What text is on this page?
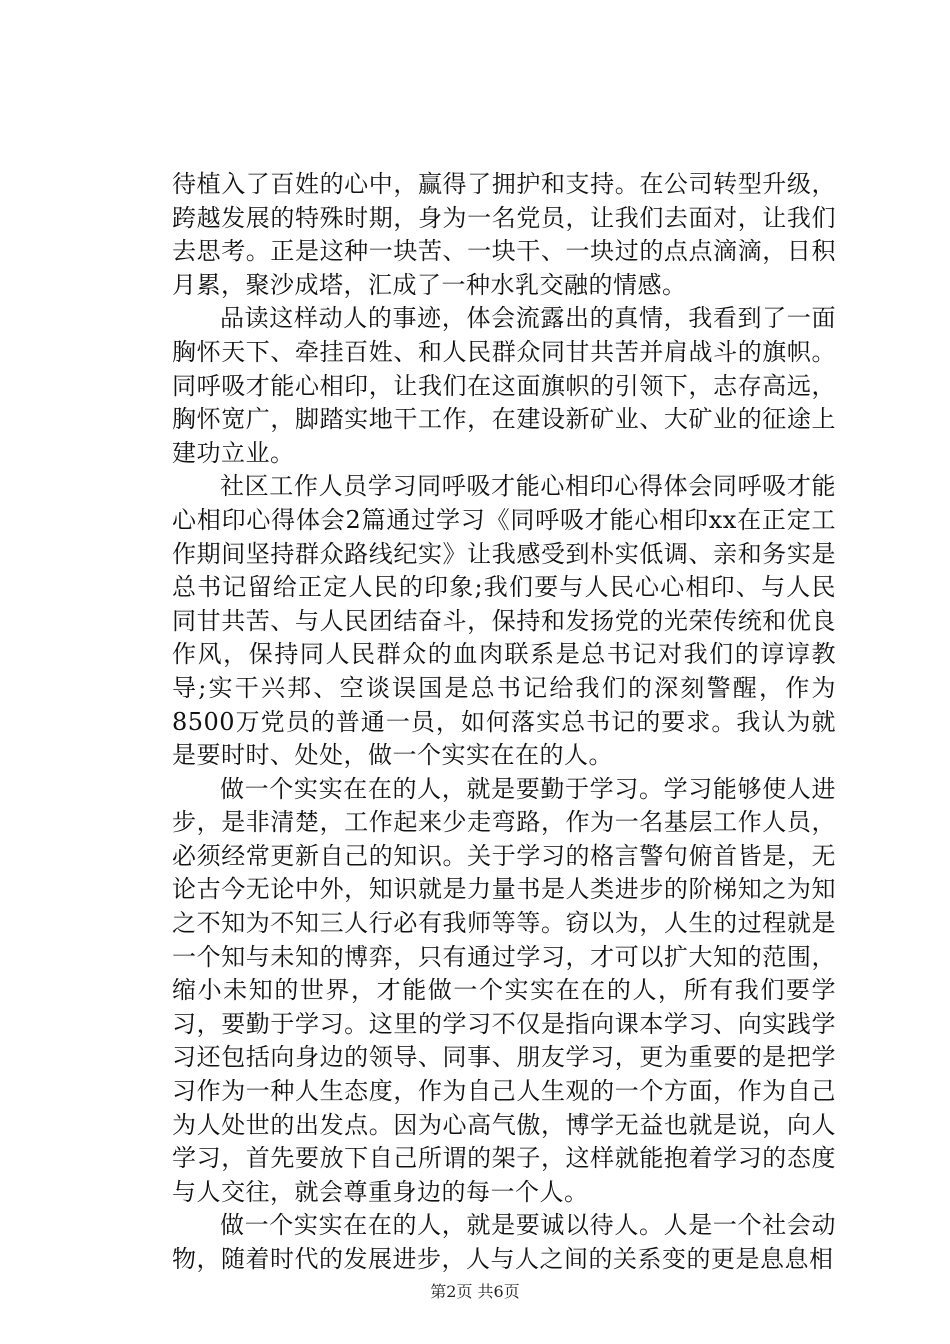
待植入了百姓的心中，赢得了拥护和支持。在公司转型升级，跨越发展的特殊时期，身为一名党员，让我们去面对，让我们去思考。正是这种一块苦、一块干、一块过的点点滴滴，日积月累，聚沙成塔，汇成了一种水乳交融的情感。

品读这样动人的事迹，体会流露出的真情，我看到了一面胸怀天下、牵挂百姓、和人民群众同甘共苦并肩战斗的旗帜。同呼吸才能心相印，让我们在这面旗帜的引领下，志存高远，胸怀宽广，脚踏实地干工作，在建设新矿业、大矿业的征途上建功立业。

社区工作人员学习同呼吸才能心相印心得体会同呼吸才能心相印心得体会2篇通过学习《同呼吸才能心相印xx在正定工作期间坚持群众路线纪实》让我感受到朴实低调、亲和务实是总书记留给正定人民的印象;我们要与人民心心相印、与人民同甘共苦、与人民团结奋斗，保持和发扬党的光荣传统和优良作风，保持同人民群众的血肉联系是总书记对我们的谆谆教导;实干兴邦、空谈误国是总书记给我们的深刻警醒，作为8500万党员的普通一员，如何落实总书记的要求。我认为就是要时时、处处，做一个实实在在的人。

做一个实实在在的人，就是要勤于学习。学习能够使人进步，是非清楚，工作起来少走弯路，作为一名基层工作人员，必须经常更新自己的知识。关于学习的格言警句俯首皆是，无论古今无论中外，知识就是力量书是人类进步的阶梯知之为知之不知为不知三人行必有我师等等。窃以为，人生的过程就是一个知与未知的博弈，只有通过学习，才可以扩大知的范围，缩小未知的世界，才能做一个实实在在的人，所有我们要学习，要勤于学习。这里的学习不仅是指向课本学习、向实践学习还包括向身边的领导、同事、朋友学习，更为重要的是把学习作为一种人生态度，作为自己人生观的一个方面，作为自己为人处世的出发点。因为心高气傲，博学无益也就是说，向人学习，首先要放下自己所谓的架子，这样就能抱着学习的态度与人交往，就会尊重身边的每一个人。

做一个实实在在的人，就是要诚以待人。人是一个社会动物，随着时代的发展进步，人与人之间的关系变的更是息息相

第2页 共6页
